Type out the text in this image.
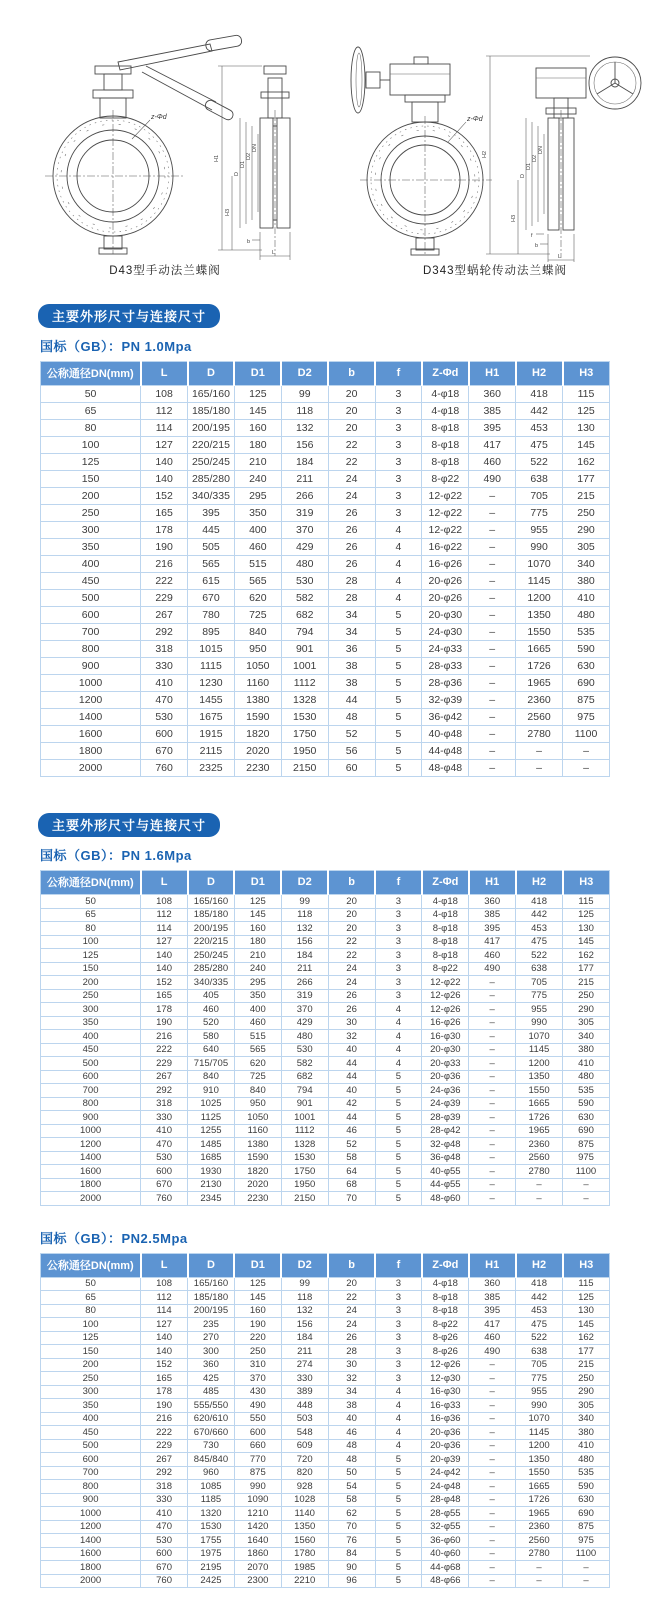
z-Φd
H1
H3
D
D1
D2
DN
L
b
D43型手动法兰蝶阀
z-Φd
H2
H3
D
D1
D2
DN
L
b
f
D343型蜗轮传动法兰蝶阀
主要外形尺寸与连接尺寸
国标（GB）：PN 1.0Mpa
公称通径DN(mm)	L	D	D1	D2	b	f	Z-Φd	H1	H2	H3
50	108	165/160	125	99	20	3	4-φ18	360	418	115
65	112	185/180	145	118	20	3	4-φ18	385	442	125
80	114	200/195	160	132	20	3	8-φ18	395	453	130
100	127	220/215	180	156	22	3	8-φ18	417	475	145
125	140	250/245	210	184	22	3	8-φ18	460	522	162
150	140	285/280	240	211	24	3	8-φ22	490	638	177
200	152	340/335	295	266	24	3	12-φ22	–	705	215
250	165	395	350	319	26	3	12-φ22	–	775	250
300	178	445	400	370	26	4	12-φ22	–	955	290
350	190	505	460	429	26	4	16-φ22	–	990	305
400	216	565	515	480	26	4	16-φ26	–	1070	340
450	222	615	565	530	28	4	20-φ26	–	1145	380
500	229	670	620	582	28	4	20-φ26	–	1200	410
600	267	780	725	682	34	5	20-φ30	–	1350	480
700	292	895	840	794	34	5	24-φ30	–	1550	535
800	318	1015	950	901	36	5	24-φ33	–	1665	590
900	330	1115	1050	1001	38	5	28-φ33	–	1726	630
1000	410	1230	1160	1112	38	5	28-φ36	–	1965	690
1200	470	1455	1380	1328	44	5	32-φ39	–	2360	875
1400	530	1675	1590	1530	48	5	36-φ42	–	2560	975
1600	600	1915	1820	1750	52	5	40-φ48	–	2780	1100
1800	670	2115	2020	1950	56	5	44-φ48	–	–	–
2000	760	2325	2230	2150	60	5	48-φ48	–	–	–
主要外形尺寸与连接尺寸
国标（GB）：PN 1.6Mpa
公称通径DN(mm)	L	D	D1	D2	b	f	Z-Φd	H1	H2	H3
50	108	165/160	125	99	20	3	4-φ18	360	418	115
65	112	185/180	145	118	20	3	4-φ18	385	442	125
80	114	200/195	160	132	20	3	8-φ18	395	453	130
100	127	220/215	180	156	22	3	8-φ18	417	475	145
125	140	250/245	210	184	22	3	8-φ18	460	522	162
150	140	285/280	240	211	24	3	8-φ22	490	638	177
200	152	340/335	295	266	24	3	12-φ22	–	705	215
250	165	405	350	319	26	3	12-φ26	–	775	250
300	178	460	400	370	26	4	12-φ26	–	955	290
350	190	520	460	429	30	4	16-φ26	–	990	305
400	216	580	515	480	32	4	16-φ30	–	1070	340
450	222	640	565	530	40	4	20-φ30	–	1145	380
500	229	715/705	620	582	44	4	20-φ33	–	1200	410
600	267	840	725	682	44	5	20-φ36	–	1350	480
700	292	910	840	794	40	5	24-φ36	–	1550	535
800	318	1025	950	901	42	5	24-φ39	–	1665	590
900	330	1125	1050	1001	44	5	28-φ39	–	1726	630
1000	410	1255	1160	1112	46	5	28-φ42	–	1965	690
1200	470	1485	1380	1328	52	5	32-φ48	–	2360	875
1400	530	1685	1590	1530	58	5	36-φ48	–	2560	975
1600	600	1930	1820	1750	64	5	40-φ55	–	2780	1100
1800	670	2130	2020	1950	68	5	44-φ55	–	–	–
2000	760	2345	2230	2150	70	5	48-φ60	–	–	–
国标（GB）：PN2.5Mpa
公称通径DN(mm)	L	D	D1	D2	b	f	Z-Φd	H1	H2	H3
50	108	165/160	125	99	20	3	4-φ18	360	418	115
65	112	185/180	145	118	22	3	8-φ18	385	442	125
80	114	200/195	160	132	24	3	8-φ18	395	453	130
100	127	235	190	156	24	3	8-φ22	417	475	145
125	140	270	220	184	26	3	8-φ26	460	522	162
150	140	300	250	211	28	3	8-φ26	490	638	177
200	152	360	310	274	30	3	12-φ26	–	705	215
250	165	425	370	330	32	3	12-φ30	–	775	250
300	178	485	430	389	34	4	16-φ30	–	955	290
350	190	555/550	490	448	38	4	16-φ33	–	990	305
400	216	620/610	550	503	40	4	16-φ36	–	1070	340
450	222	670/660	600	548	46	4	20-φ36	–	1145	380
500	229	730	660	609	48	4	20-φ36	–	1200	410
600	267	845/840	770	720	48	5	20-φ39	–	1350	480
700	292	960	875	820	50	5	24-φ42	–	1550	535
800	318	1085	990	928	54	5	24-φ48	–	1665	590
900	330	1185	1090	1028	58	5	28-φ48	–	1726	630
1000	410	1320	1210	1140	62	5	28-φ55	–	1965	690
1200	470	1530	1420	1350	70	5	32-φ55	–	2360	875
1400	530	1755	1640	1560	76	5	36-φ60	–	2560	975
1600	600	1975	1860	1780	84	5	40-φ60	–	2780	1100
1800	670	2195	2070	1985	90	5	44-φ68	–	–	–
2000	760	2425	2300	2210	96	5	48-φ66	–	–	–
